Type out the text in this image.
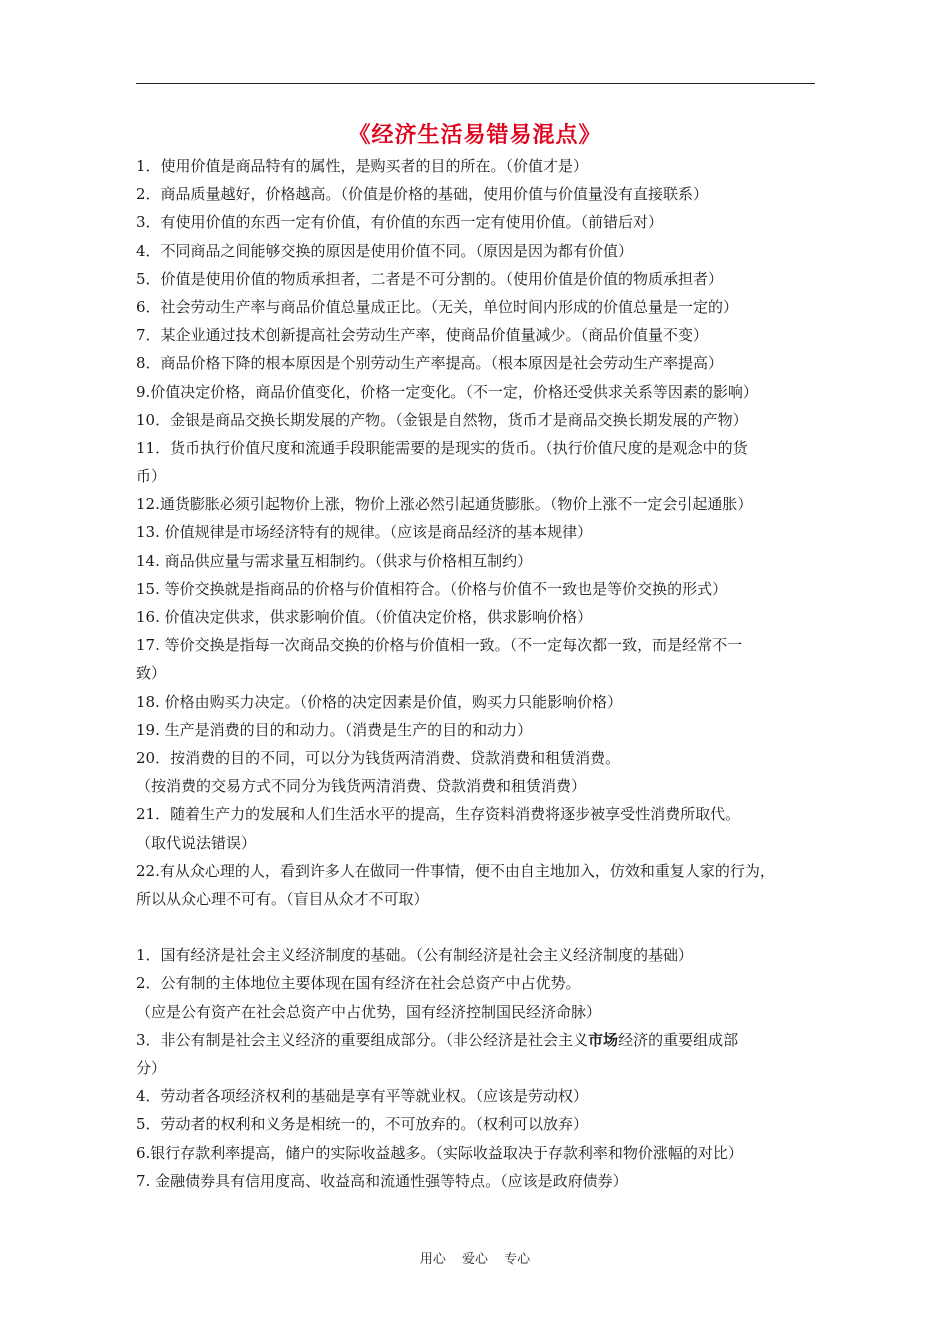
《经济生活易错易混点》
1．使用价值是商品特有的属性，是购买者的目的所在。（价值才是）
2．商品质量越好，价格越高。（价值是价格的基础，使用价值与价值量没有直接联系）
3．有使用价值的东西一定有价值，有价值的东西一定有使用价值。（前错后对）
4．不同商品之间能够交换的原因是使用价值不同。（原因是因为都有价值）
5．价值是使用价值的物质承担者，二者是不可分割的。（使用价值是价值的物质承担者）
6．社会劳动生产率与商品价值总量成正比。（无关，单位时间内形成的价值总量是一定的）
7．某企业通过技术创新提高社会劳动生产率，使商品价值量减少。（商品价值量不变）
8．商品价格下降的根本原因是个别劳动生产率提高。（根本原因是社会劳动生产率提高）
9.价值决定价格，商品价值变化，价格一定变化。（不一定，价格还受供求关系等因素的影响）
10．金银是商品交换长期发展的产物。（金银是自然物，货币才是商品交换长期发展的产物）
11．货币执行价值尺度和流通手段职能需要的是现实的货币。（执行价值尺度的是观念中的货
币）
12.通货膨胀必须引起物价上涨，物价上涨必然引起通货膨胀。（物价上涨不一定会引起通胀）
13. 价值规律是市场经济特有的规律。（应该是商品经济的基本规律）
14. 商品供应量与需求量互相制约。（供求与价格相互制约）
15. 等价交换就是指商品的价格与价值相符合。（价格与价值不一致也是等价交换的形式）
16. 价值决定供求，供求影响价值。（价值决定价格，供求影响价格）
17. 等价交换是指每一次商品交换的价格与价值相一致。（不一定每次都一致，而是经常不一
致）
18. 价格由购买力决定。（价格的决定因素是价值，购买力只能影响价格）
19. 生产是消费的目的和动力。（消费是生产的目的和动力）
20．按消费的目的不同，可以分为钱货两清消费、贷款消费和租赁消费。
（按消费的交易方式不同分为钱货两清消费、贷款消费和租赁消费）
21．随着生产力的发展和人们生活水平的提高，生存资料消费将逐步被享受性消费所取代。
（取代说法错误）
22.有从众心理的人，看到许多人在做同一件事情，便不由自主地加入，仿效和重复人家的行为，
所以从众心理不可有。（盲目从众才不可取）
1．国有经济是社会主义经济制度的基础。（公有制经济是社会主义经济制度的基础）
2．公有制的主体地位主要体现在国有经济在社会总资产中占优势。
（应是公有资产在社会总资产中占优势，国有经济控制国民经济命脉）
3．非公有制是社会主义经济的重要组成部分。（非公经济是社会主义市场经济的重要组成部
分）
4．劳动者各项经济权利的基础是享有平等就业权。（应该是劳动权）
5．劳动者的权利和义务是相统一的，不可放弃的。（权利可以放弃）
6.银行存款利率提高，储户的实际收益越多。（实际收益取决于存款利率和物价涨幅的对比）
7. 金融债券具有信用度高、收益高和流通性强等特点。（应该是政府债券）
用心 爱心 专心
